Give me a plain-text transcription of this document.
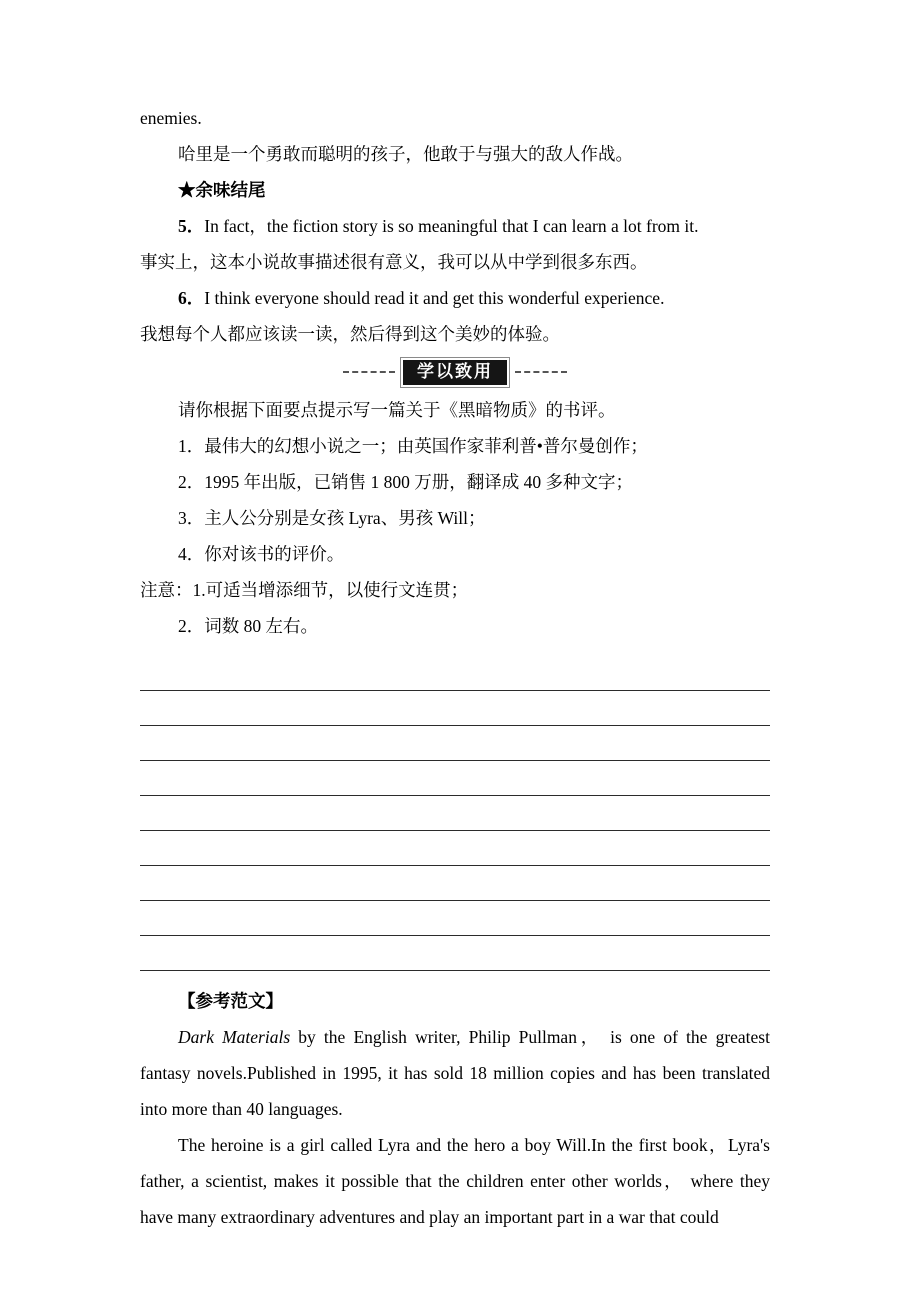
enemies.

哈里是一个勇敢而聪明的孩子，他敢于与强大的敌人作战。

★余味结尾

5．In fact，the fiction story is so meaningful that I can learn a lot from it.

事实上，这本小说故事描述很有意义，我可以从中学到很多东西。

6．I think everyone should read it and get this wonderful experience.

我想每个人都应该读一读，然后得到这个美妙的体验。

学以致用

请你根据下面要点提示写一篇关于《黑暗物质》的书评。

1．最伟大的幻想小说之一；由英国作家菲利普•普尔曼创作；

2．1995 年出版，已销售 1 800 万册，翻译成 40 多种文字；

3．主人公分别是女孩 Lyra、男孩 Will；

4．你对该书的评价。

注意：1.可适当增添细节，以使行文连贯；

2．词数 80 左右。

【参考范文】

Dark Materials by the English writer, Philip Pullman， is one of the greatest fantasy novels.Published in 1995, it has sold 18 million copies and has been translated into more than 40 languages.

The heroine is a girl called Lyra and the hero a boy Will.In the first book，Lyra's father, a scientist, makes it possible that the children enter other worlds， where they have many extraordinary adventures and play an important part in a war that could
